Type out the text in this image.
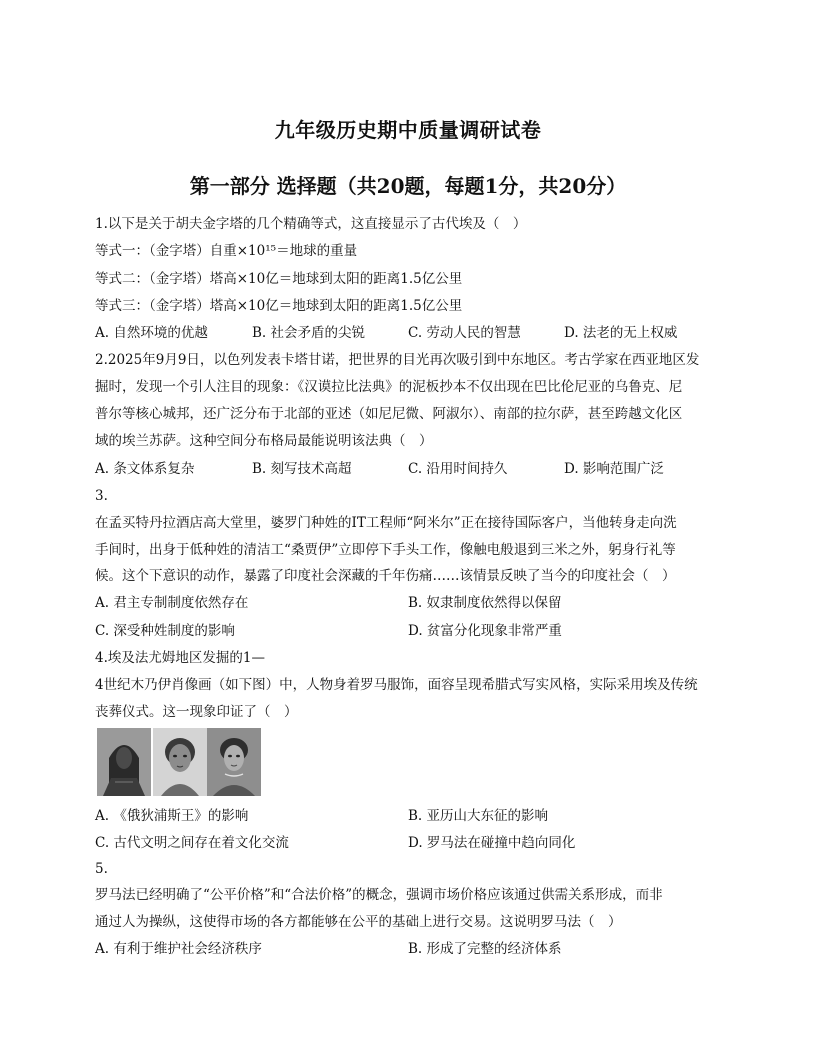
九年级历史期中质量调研试卷
第一部分 选择题（共20题，每题1分，共20分）
1.以下是关于胡夫金字塔的几个精确等式，这直接显示了古代埃及（　）
等式一：（金字塔）自重×10¹⁵＝地球的重量
等式二：（金字塔）塔高×10亿＝地球到太阳的距离1.5亿公里
等式三：（金字塔）塔高×10亿＝地球到太阳的距离1.5亿公里
A. 自然环境的优越	B. 社会矛盾的尖锐	C. 劳动人民的智慧	D. 法老的无上权威
2.2025年9月9日，以色列发表卡塔甘诺，把世界的目光再次吸引到中东地区。考古学家在西亚地区发
掘时，发现一个引人注目的现象：《汉谟拉比法典》的泥板抄本不仅出现在巴比伦尼亚的乌鲁克、尼
普尔等核心城邦，还广泛分布于北部的亚述（如尼尼微、阿淑尔）、南部的拉尔萨，甚至跨越文化区
域的埃兰苏萨。这种空间分布格局最能说明该法典（　）
A. 条文体系复杂	B. 刻写技术高超	C. 沿用时间持久	D. 影响范围广泛
3.
在孟买特丹拉酒店高大堂里，婆罗门种姓的IT工程师“阿米尔”正在接待国际客户，当他转身走向洗
手间时，出身于低种姓的清洁工“桑贾伊”立即停下手头工作，像触电般退到三米之外，躬身行礼等
候。这个下意识的动作，暴露了印度社会深藏的千年伤痛……该情景反映了当今的印度社会（　）
A. 君主专制制度依然存在	B. 奴隶制度依然得以保留
C. 深受种姓制度的影响	D. 贫富分化现象非常严重
4.埃及法尤姆地区发掘的1—
4世纪木乃伊肖像画（如下图）中，人物身着罗马服饰，面容呈现希腊式写实风格，实际采用埃及传统
丧葬仪式。这一现象印证了（　）
A. 《俄狄浦斯王》的影响	B. 亚历山大东征的影响
C. 古代文明之间存在着文化交流	D. 罗马法在碰撞中趋向同化
5.
罗马法已经明确了“公平价格”和“合法价格”的概念，强调市场价格应该通过供需关系形成，而非
通过人为操纵，这使得市场的各方都能够在公平的基础上进行交易。这说明罗马法（　）
A. 有利于维护社会经济秩序	B. 形成了完整的经济体系
